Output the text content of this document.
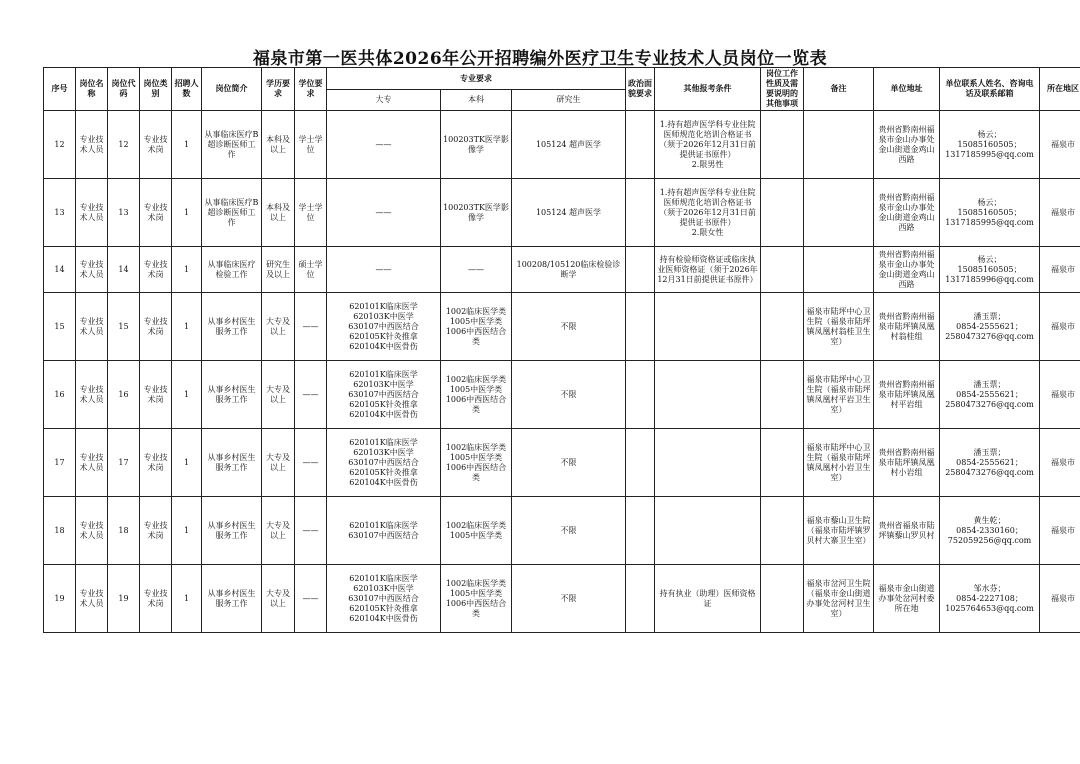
福泉市第一医共体2026年公开招聘编外医疗卫生专业技术人员岗位一览表
序号	岗位名称	岗位代码	岗位类别	招聘人数	岗位简介	学历要求	学位要求	专业要求			政治面貌要求	其他报考条件	岗位工作性质及需要说明的其他事项	备注	单位地址	单位联系人姓名、咨询电话及联系邮箱	所在地区
								大专	本科	研究生							
12	专业技术人员	12	专业技术岗	1	从事临床医疗B超诊断医师工作	本科及以上	学士学位	——	100203TK医学影像学	105124 超声医学		1.持有超声医学科专业住院医师规范化培训合格证书（须于2026年12月31日前提供证书原件）
2.限男性			贵州省黔南州福泉市金山办事处金山街道金鸡山西路	杨云；
15085160505；
1317185995@qq.com	福泉市
13	专业技术人员	13	专业技术岗	1	从事临床医疗B超诊断医师工作	本科及以上	学士学位	——	100203TK医学影像学	105124 超声医学		1.持有超声医学科专业住院医师规范化培训合格证书（须于2026年12月31日前提供证书原件）
2.限女性			贵州省黔南州福泉市金山办事处金山街道金鸡山西路	杨云；
15085160505；
1317185995@qq.com	福泉市
14	专业技术人员	14	专业技术岗	1	从事临床医疗检验工作	研究生及以上	硕士学位	——	——	100208/105120临床检验诊断学		持有检验师资格证或临床执业医师资格证（须于2026年12月31日前提供证书原件）			贵州省黔南州福泉市金山办事处金山街道金鸡山西路	杨云；
15085160505；
1317185996@qq.com	福泉市
15	专业技术人员	15	专业技术岗	1	从事乡村医生服务工作	大专及以上	——	620101K临床医学
620103K中医学
630107中西医结合
620105K针灸推拿
620104K中医骨伤	1002临床医学类
1005中医学类
1006中西医结合类	不限				福泉市陆坪中心卫生院（福泉市陆坪镇凤凰村翁桂卫生室）	贵州省黔南州福泉市陆坪镇凤凰村翁桂组	潘玉票；
0854-2555621；
2580473276@qq.com	福泉市
16	专业技术人员	16	专业技术岗	1	从事乡村医生服务工作	大专及以上	——	620101K临床医学
620103K中医学
630107中西医结合
620105K针灸推拿
620104K中医骨伤	1002临床医学类
1005中医学类
1006中西医结合类	不限				福泉市陆坪中心卫生院（福泉市陆坪镇凤凰村平岩卫生室）	贵州省黔南州福泉市陆坪镇凤凰村平岩组	潘玉票；
0854-2555621；
2580473276@qq.com	福泉市
17	专业技术人员	17	专业技术岗	1	从事乡村医生服务工作	大专及以上	——	620101K临床医学
620103K中医学
630107中西医结合
620105K针灸推拿
620104K中医骨伤	1002临床医学类
1005中医学类
1006中西医结合类	不限				福泉市陆坪中心卫生院（福泉市陆坪镇凤凰村小岩卫生室）	贵州省黔南州福泉市陆坪镇凤凰村小岩组	潘玉票；
0854-2555621；
2580473276@qq.com	福泉市
18	专业技术人员	18	专业技术岗	1	从事乡村医生服务工作	大专及以上	——	620101K临床医学
630107中西医结合	1002临床医学类
1005中医学类	不限				福泉市藜山卫生院（福泉市陆坪镇罗贝村大寨卫生室）	贵州省福泉市陆坪镇藜山罗贝村	黄生乾；
0854-2330160；
752059256@qq.com	福泉市
19	专业技术人员	19	专业技术岗	1	从事乡村医生服务工作	大专及以上	——	620101K临床医学
620103K中医学
630107中西医结合
620105K针灸推拿
620104K中医骨伤	1002临床医学类
1005中医学类
1006中西医结合类	不限		持有执业（助理）医师资格证		福泉市岔河卫生院（福泉市金山街道办事处岔河村卫生室）	福泉市金山街道办事处岔河村委所在地	邹水芬；
0854-2227108；
1025764653@qq.com	福泉市
